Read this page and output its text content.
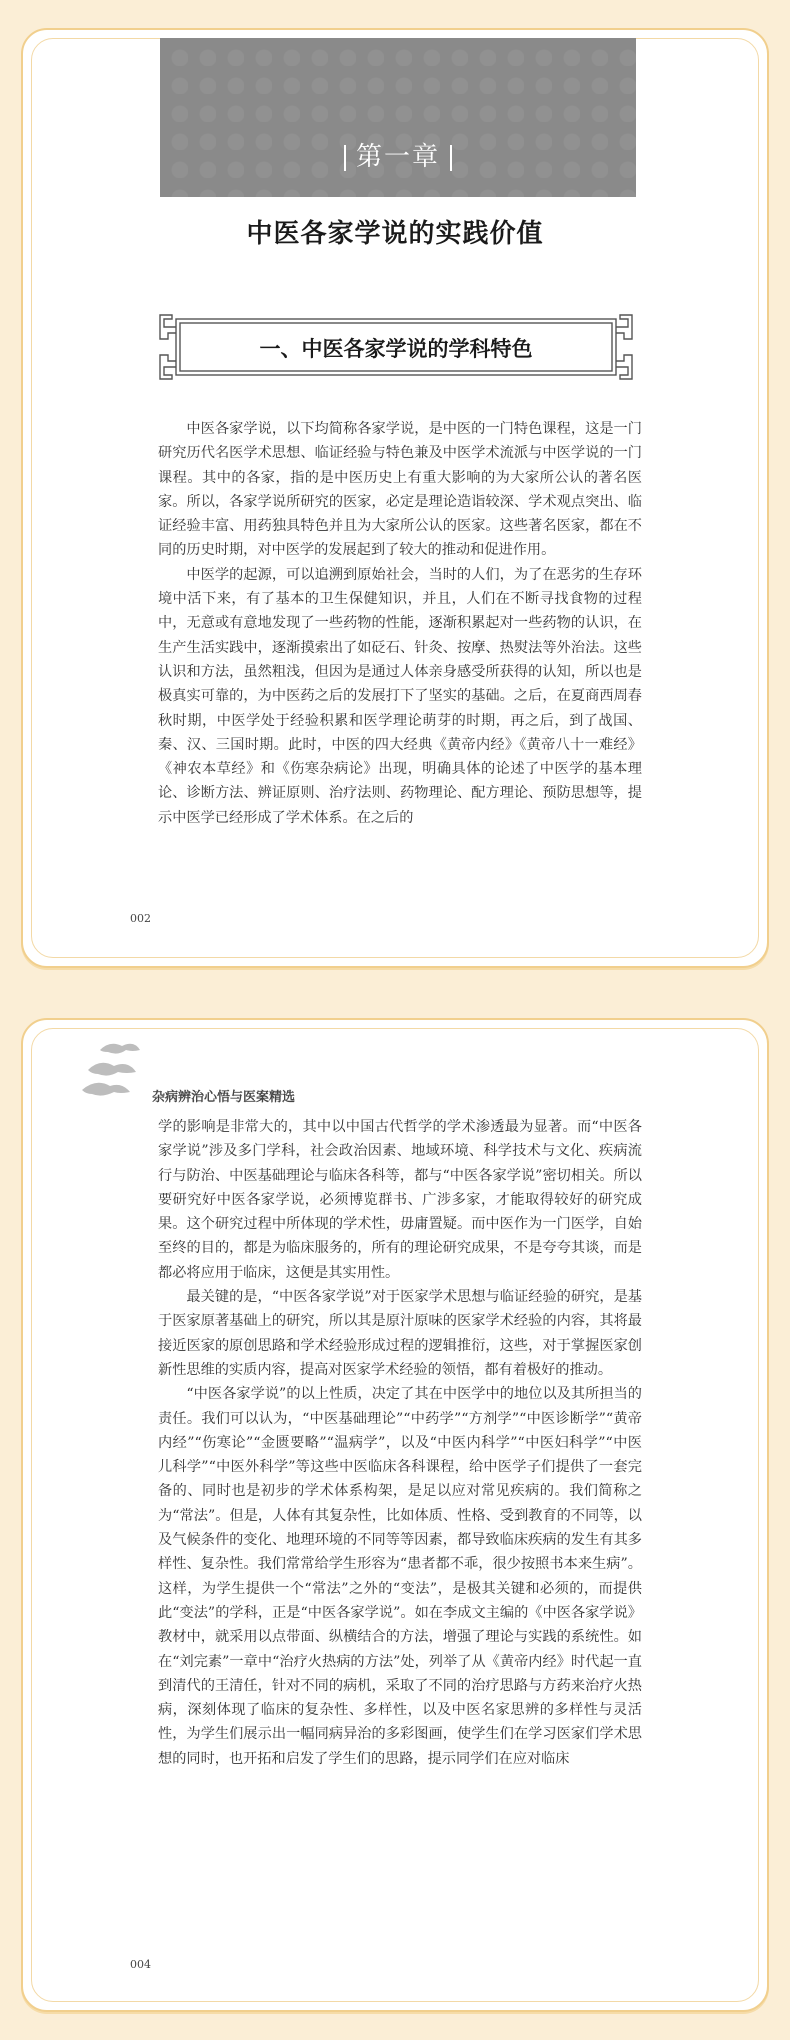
第一章
中医各家学说的实践价值
一、中医各家学说的学科特色

中医各家学说，以下均简称各家学说，是中医的一门特色课程，这是一门研究历代名医学术思想、临证经验与特色兼及中医学术流派与中医学说的一门课程。其中的各家，指的是中医历史上有重大影响的为大家所公认的著名医家。所以，各家学说所研究的医家，必定是理论造诣较深、学术观点突出、临证经验丰富、用药独具特色并且为大家所公认的医家。这些著名医家，都在不同的历史时期，对中医学的发展起到了较大的推动和促进作用。

中医学的起源，可以追溯到原始社会，当时的人们，为了在恶劣的生存环境中活下来，有了基本的卫生保健知识，并且，人们在不断寻找食物的过程中，无意或有意地发现了一些药物的性能，逐渐积累起对一些药物的认识，在生产生活实践中，逐渐摸索出了如砭石、针灸、按摩、热熨法等外治法。这些认识和方法，虽然粗浅，但因为是通过人体亲身感受所获得的认知，所以也是极真实可靠的，为中医药之后的发展打下了坚实的基础。之后，在夏商西周春秋时期，中医学处于经验积累和医学理论萌芽的时期，再之后，到了战国、秦、汉、三国时期。此时，中医的四大经典《黄帝内经》《黄帝八十一难经》《神农本草经》和《伤寒杂病论》出现，明确具体的论述了中医学的基本理论、诊断方法、辨证原则、治疗法则、药物理论、配方理论、预防思想等，提示中医学已经形成了学术体系。在之后的

002
杂病辨治心悟与医案精选

学的影响是非常大的，其中以中国古代哲学的学术渗透最为显著。而“中医各家学说”涉及多门学科，社会政治因素、地域环境、科学技术与文化、疾病流行与防治、中医基础理论与临床各科等，都与“中医各家学说”密切相关。所以要研究好中医各家学说，必须博览群书、广涉多家，才能取得较好的研究成果。这个研究过程中所体现的学术性，毋庸置疑。而中医作为一门医学，自始至终的目的，都是为临床服务的，所有的理论研究成果，不是夸夸其谈，而是都必将应用于临床，这便是其实用性。

最关键的是，“中医各家学说”对于医家学术思想与临证经验的研究，是基于医家原著基础上的研究，所以其是原汁原味的医家学术经验的内容，其将最接近医家的原创思路和学术经验形成过程的逻辑推衍，这些，对于掌握医家创新性思维的实质内容，提高对医家学术经验的领悟，都有着极好的推动。

“中医各家学说”的以上性质，决定了其在中医学中的地位以及其所担当的责任。我们可以认为，“中医基础理论”“中药学”“方剂学”“中医诊断学”“黄帝内经”“伤寒论”“金匮要略”“温病学”，以及“中医内科学”“中医妇科学”“中医儿科学”“中医外科学”等这些中医临床各科课程，给中医学子们提供了一套完备的、同时也是初步的学术体系构架，是足以应对常见疾病的。我们简称之为“常法”。但是，人体有其复杂性，比如体质、性格、受到教育的不同等，以及气候条件的变化、地理环境的不同等等因素，都导致临床疾病的发生有其多样性、复杂性。我们常常给学生形容为“患者都不乖，很少按照书本来生病”。这样，为学生提供一个“常法”之外的“变法”，是极其关键和必须的，而提供此“变法”的学科，正是“中医各家学说”。如在李成文主编的《中医各家学说》教材中，就采用以点带面、纵横结合的方法，增强了理论与实践的系统性。如在“刘完素”一章中“治疗火热病的方法”处，列举了从《黄帝内经》时代起一直到清代的王清任，针对不同的病机，采取了不同的治疗思路与方药来治疗火热病，深刻体现了临床的复杂性、多样性，以及中医名家思辨的多样性与灵活性，为学生们展示出一幅同病异治的多彩图画，使学生们在学习医家们学术思想的同时，也开拓和启发了学生们的思路，提示同学们在应对临床

004
